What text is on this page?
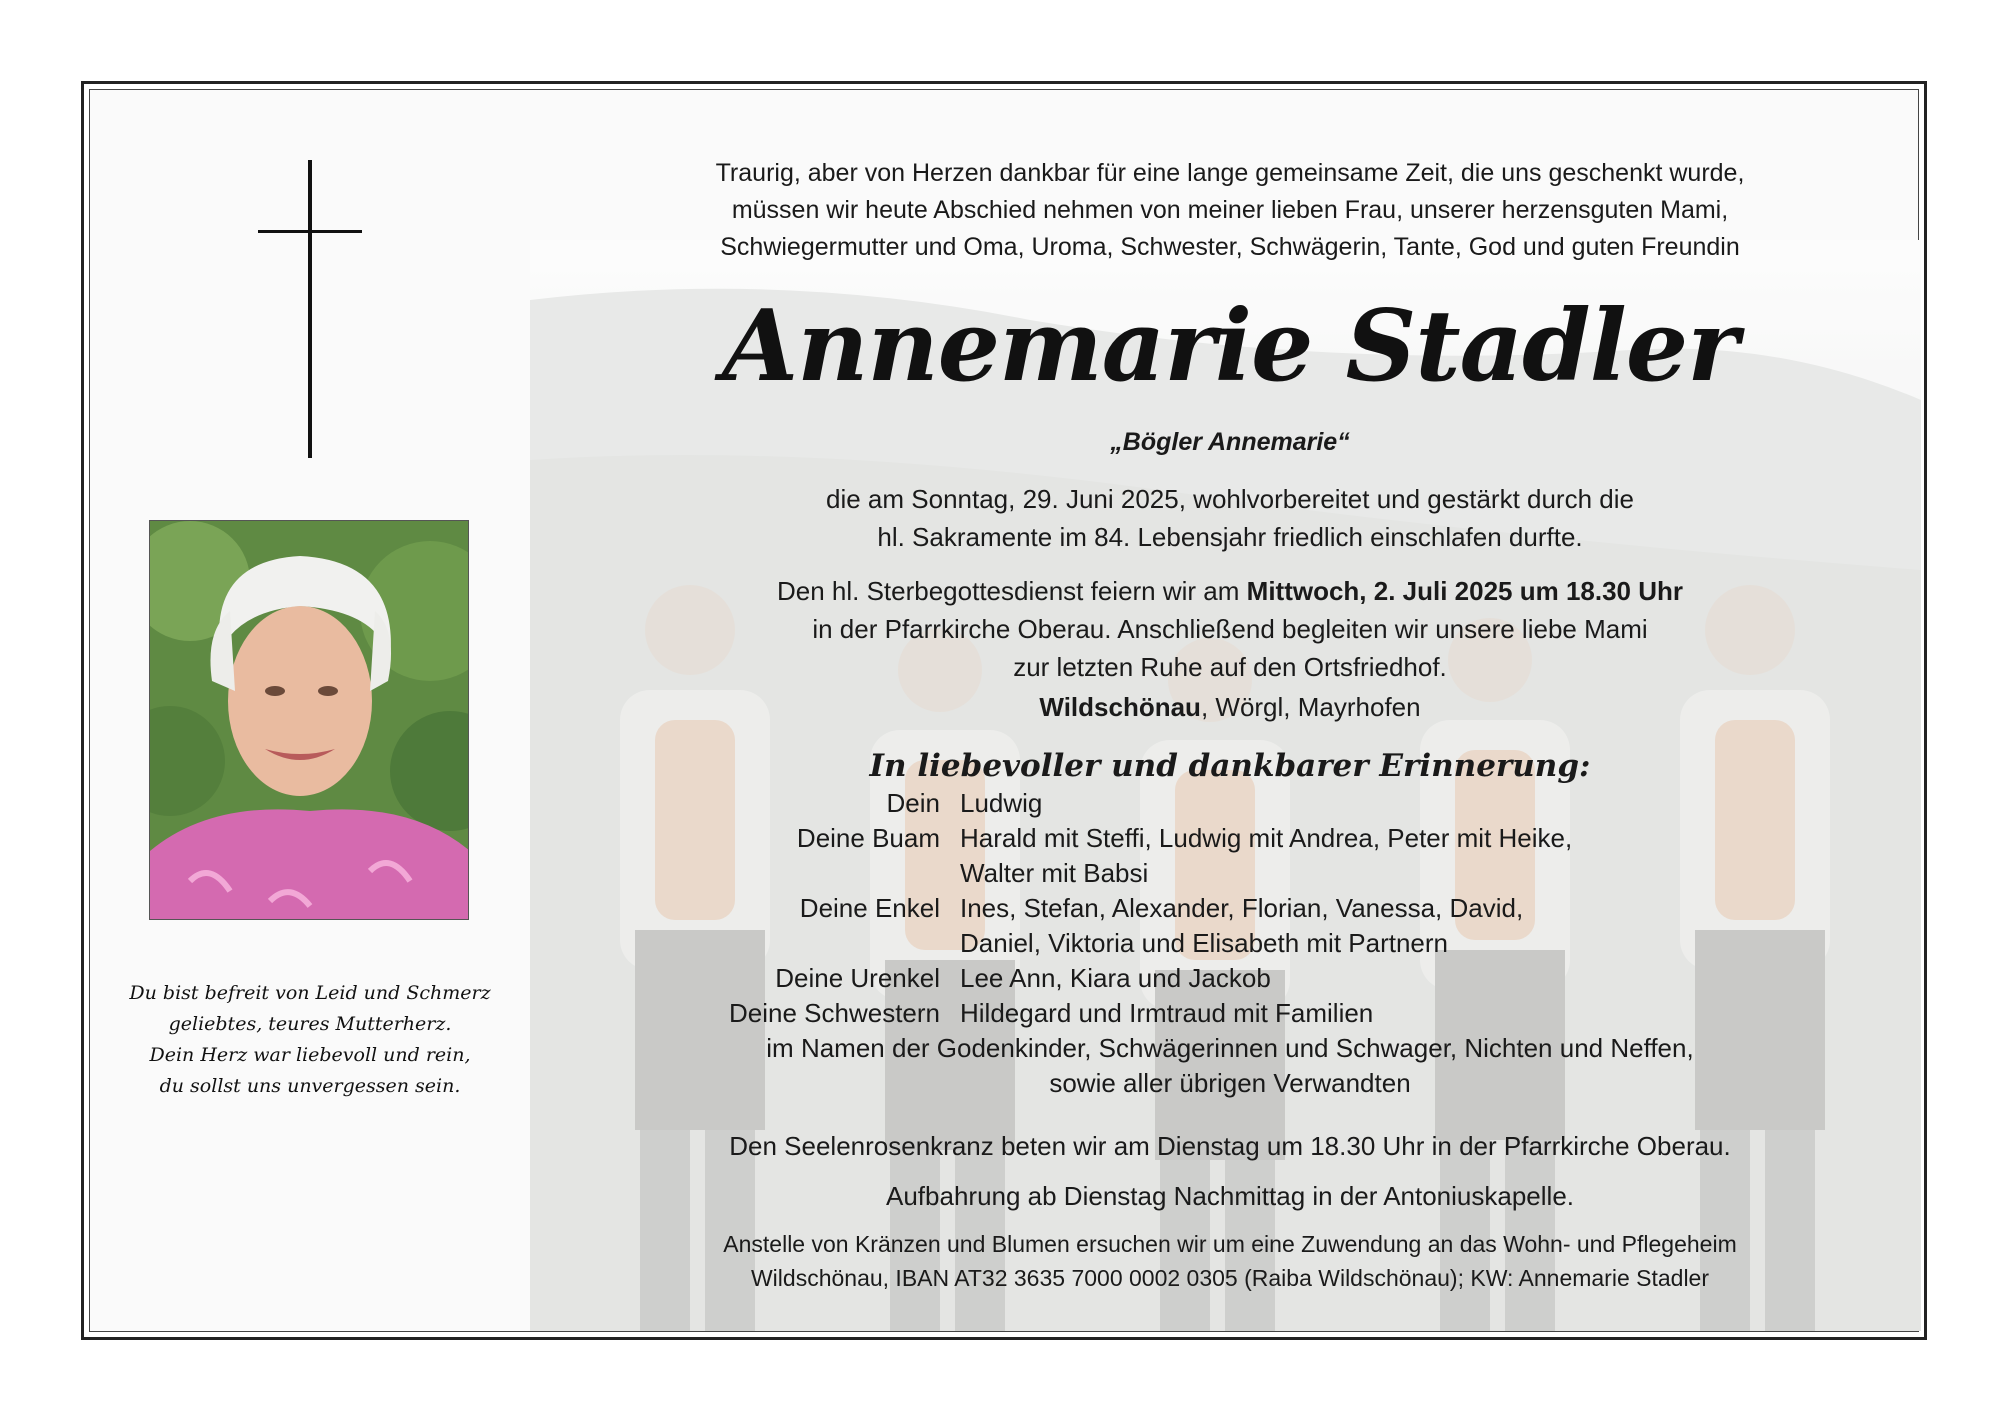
Du bist befreit von Leid und Schmerz
geliebtes, teures Mutterherz.
Dein Herz war liebevoll und rein,
du sollst uns unvergessen sein.
Traurig, aber von Herzen dankbar für eine lange gemeinsame Zeit, die uns geschenkt wurde,
müssen wir heute Abschied nehmen von meiner lieben Frau, unserer herzensguten Mami,
Schwiegermutter und Oma, Uroma, Schwester, Schwägerin, Tante, God und guten Freundin
Annemarie Stadler
„Bögler Annemarie“
die am Sonntag, 29. Juni 2025, wohlvorbereitet und gestärkt durch die
hl. Sakramente im 84. Lebensjahr friedlich einschlafen durfte.
Den hl. Sterbegottesdienst feiern wir am Mittwoch, 2. Juli 2025 um 18.30 Uhr
in der Pfarrkirche Oberau. Anschließend begleiten wir unsere liebe Mami
zur letzten Ruhe auf den Ortsfriedhof.
Wildschönau, Wörgl, Mayrhofen
In liebevoller und dankbarer Erinnerung:
Dein Ludwig
Deine Buam Harald mit Steffi, Ludwig mit Andrea, Peter mit Heike,
Walter mit Babsi
Deine Enkel Ines, Stefan, Alexander, Florian, Vanessa, David,
Daniel, Viktoria und Elisabeth mit Partnern
Deine Urenkel Lee Ann, Kiara und Jackob
Deine Schwestern Hildegard und Irmtraud mit Familien
im Namen der Godenkinder, Schwägerinnen und Schwager, Nichten und Neffen,
sowie aller übrigen Verwandten
Den Seelenrosenkranz beten wir am Dienstag um 18.30 Uhr in der Pfarrkirche Oberau.
Aufbahrung ab Dienstag Nachmittag in der Antoniuskapelle.
Anstelle von Kränzen und Blumen ersuchen wir um eine Zuwendung an das Wohn- und Pflegeheim
Wildschönau, IBAN AT32 3635 7000 0002 0305 (Raiba Wildschönau); KW: Annemarie Stadler
